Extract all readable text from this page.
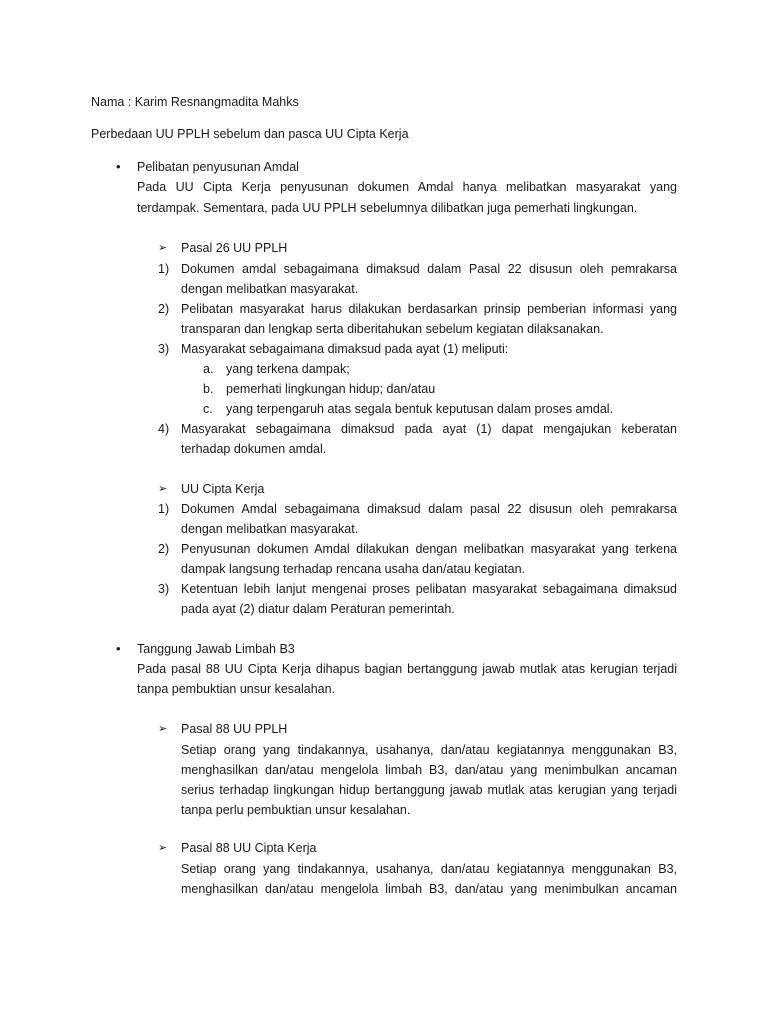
Nama : Karim Resnangmadita Mahks
Perbedaan UU PPLH sebelum dan pasca UU Cipta Kerja
• Pelibatan penyusunan Amdal
Pada UU Cipta Kerja penyusunan dokumen Amdal hanya melibatkan masyarakat yang
terdampak. Sementara, pada UU PPLH sebelumnya dilibatkan juga pemerhati lingkungan.
➢ Pasal 26 UU PPLH
1) Dokumen amdal sebagaimana dimaksud dalam Pasal 22 disusun oleh pemrakarsa
dengan melibatkan masyarakat.
2) Pelibatan masyarakat harus dilakukan berdasarkan prinsip pemberian informasi yang
transparan dan lengkap serta diberitahukan sebelum kegiatan dilaksanakan.
3) Masyarakat sebagaimana dimaksud pada ayat (1) meliputi:
a. yang terkena dampak;
b. pemerhati lingkungan hidup; dan/atau
c. yang terpengaruh atas segala bentuk keputusan dalam proses amdal.
4) Masyarakat sebagaimana dimaksud pada ayat (1) dapat mengajukan keberatan
terhadap dokumen amdal.
➢ UU Cipta Kerja
1) Dokumen Amdal sebagaimana dimaksud dalam pasal 22 disusun oleh pemrakarsa
dengan melibatkan masyarakat.
2) Penyusunan dokumen Amdal dilakukan dengan melibatkan masyarakat yang terkena
dampak langsung terhadap rencana usaha dan/atau kegiatan.
3) Ketentuan lebih lanjut mengenai proses pelibatan masyarakat sebagaimana dimaksud
pada ayat (2) diatur dalam Peraturan pemerintah.
• Tanggung Jawab Limbah B3
Pada pasal 88 UU Cipta Kerja dihapus bagian bertanggung jawab mutlak atas kerugian terjadi
tanpa pembuktian unsur kesalahan.
➢ Pasal 88 UU PPLH
Setiap orang yang tindakannya, usahanya, dan/atau kegiatannya menggunakan B3,
menghasilkan dan/atau mengelola limbah B3, dan/atau yang menimbulkan ancaman
serius terhadap lingkungan hidup bertanggung jawab mutlak atas kerugian yang terjadi
tanpa perlu pembuktian unsur kesalahan.
➢ Pasal 88 UU Cipta Kerja
Setiap orang yang tindakannya, usahanya, dan/atau kegiatannya menggunakan B3,
menghasilkan dan/atau mengelola limbah B3, dan/atau yang menimbulkan ancaman
